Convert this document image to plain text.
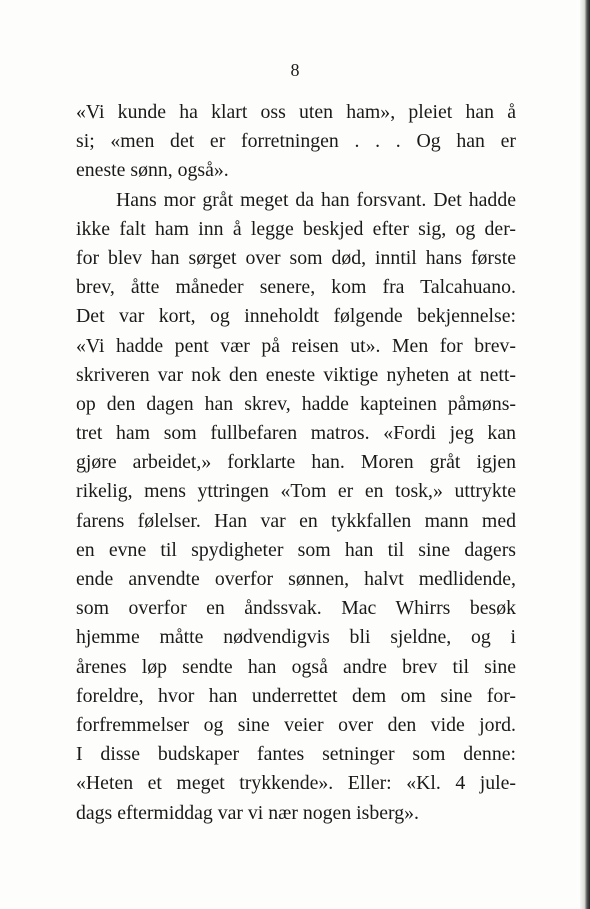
8
«Vi kunde ha klart oss uten ham», pleiet han å
si; «men det er forretningen . . . Og han er
eneste sønn, også».
Hans mor gråt meget da han forsvant. Det hadde
ikke falt ham inn å legge beskjed efter sig, og der-
for blev han sørget over som død, inntil hans første
brev, åtte måneder senere, kom fra Talcahuano.
Det var kort, og inneholdt følgende bekjennelse:
«Vi hadde pent vær på reisen ut». Men for brev-
skriveren var nok den eneste viktige nyheten at nett-
op den dagen han skrev, hadde kapteinen påmøns-
tret ham som fullbefaren matros. «Fordi jeg kan
gjøre arbeidet,» forklarte han. Moren gråt igjen
rikelig, mens yttringen «Tom er en tosk,» uttrykte
farens følelser. Han var en tykkfallen mann med
en evne til spydigheter som han til sine dagers
ende anvendte overfor sønnen, halvt medlidende,
som overfor en åndssvak. Mac Whirrs besøk
hjemme måtte nødvendigvis bli sjeldne, og i
årenes løp sendte han også andre brev til sine
foreldre, hvor han underrettet dem om sine for-
forfremmelser og sine veier over den vide jord.
I disse budskaper fantes setninger som denne:
«Heten et meget trykkende». Eller: «Kl. 4 jule-
dags eftermiddag var vi nær nogen isberg».
